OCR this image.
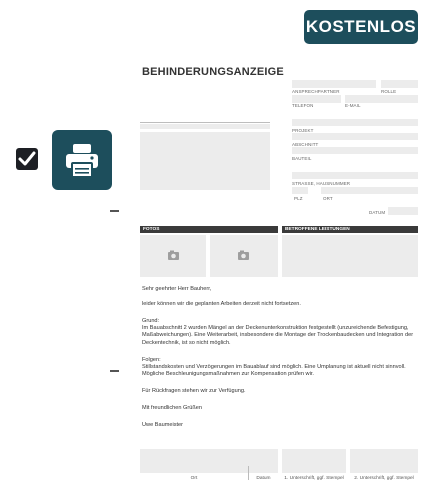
KOSTENLOS
BEHINDERUNGSANZEIGE
ANSPRECHPARTNER	ROLLE
TELEFON	E-MAIL
PROJEKT
ABSCHNITT
BAUTEIL
STRASSE, HAUSNUMMER
PLZ	ORT
DATUM
FOTOS	BETROFFENE LEISTUNGEN
Sehr geehrter Herr Bauherr,
leider können wir die geplanten Arbeiten derzeit nicht fortsetzen.
Grund:
Im Bauabschnitt 2 wurden Mängel an der Deckenunterkonstruktion festgestellt (unzureichende Befestigung, Maßabweichungen). Eine Weiterarbeit, insbesondere die Montage der Trockenbaudecken und Integration der Deckentechnik, ist so nicht möglich.
Folgen:
Stillstandskosten und Verzögerungen im Bauablauf sind möglich. Eine Umplanung ist aktuell nicht sinnvoll. Mögliche Beschleunigungsmaßnahmen zur Kompensation prüfen wir.
Für Rückfragen stehen wir zur Verfügung.
Mit freundlichen Grüßen
Uwe Baumeister
Ort	Datum	1. Unterschrift, ggf. Stempel	2. Unterschrift, ggf. Stempel
